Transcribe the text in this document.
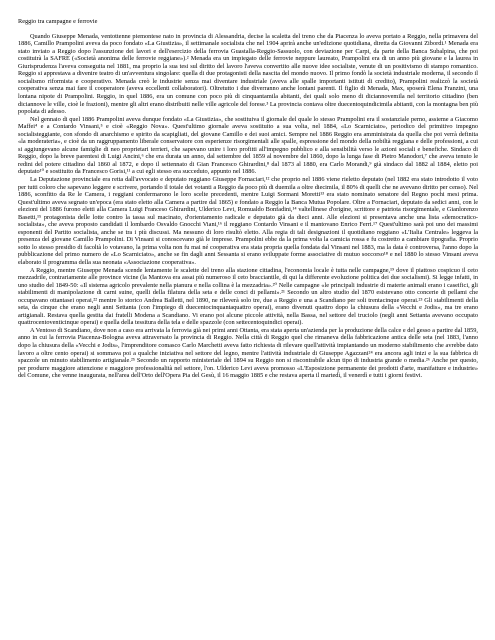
Reggio tra campagne e ferrovie

Quando Giuseppe Menada, ventottenne piemontese nato in provincia di Alessandria, decise la scaletta del treno che da Piacenza lo aveva portato a Reggio, nella primavera del 1886, Camillo Prampolini aveva da poco fondato «La Giustizia», il settimanale socialista che nel 1904 aprirà anche un'edizione quotidiana, diretta da Giovanni Zibordi.¹ Menada era stato inviato a Reggio dopo l'assunzione dei lavori e dell'esercizio della ferrovia Guastalla-Reggio-Sassuolo, con deviazione per Carpi, da parte della Banca Subalpina, che poi costituirà la SAFRE («Società anonima delle ferrovie reggiane»).² Menada era un impiegato delle ferrovie neppure laureato, Prampolini era di un anno più giovane e la laurea in Giurisprudenza l'aveva conseguita nel 1881, ma proprio la sua tesi sul diritto del lavoro l'aveva convertito alle nuove idee socialiste, venute di un positivismo di stampo romantico. Reggio si apprestava a divenire teatro di un'avventura singolare: quella di due protagonisti della nascita del mondo nuovo. Il primo fondò la società industriale moderna, il secondo il socialismo riformista e cooperativo. Menada creò le industrie senza mai diventare industriale (aveva alle spalle importanti istituti di credito), Prampolini realizzò la società cooperativa senza mai fare il cooperatore (aveva eccellenti collaboratori). Oltretutto i due diverranno anche lontani parenti. Il figlio di Menada, Max, sposerà Elena Franzini, una lontana nipote di Prampolini. Reggio, in quel 1886, era un comune con poco più di cinquantamila abitanti, dei quali solo meno di diciannovemila nel territorio cittadino (ben diciannove le ville, cioè le frazioni), mentre gli altri erano distribuiti nelle ville agricole del forese.³ La provincia contava oltre duecentoquindicimila abitanti, con la montagna ben più popolata di adesso.

Nel gennaio di quel 1886 Prampolini aveva dunque fondato «La Giustizia», che sostituiva il giornale del quale lo stesso Prampolini era il sostanziale perno, assieme a Giacomo Maffei⁴ e a Contardo Vinsani,⁵ e cioè «Reggio Nova». Quest'ultimo giornale aveva sostituito a sua volta, nel 1884, «Lo Scarniciato», periodico del primitivo impegno socialisteggiante, con sfondo di anarchismo e spirito da scapigliati, del giovane Camillo e dei suoi amici. Sempre nel 1886 Reggio era amministrata da quella che poi verrà definita «la moderateria», e cioè da un raggruppamento liberale conservatore con esperienze risorgimentali alle spalle, espressione del mondo della nobiltà reggiana e delle professioni, a cui si aggiungevano alcune famiglie di neo proprietari terrieri, che sapevano unire i loro profitti all'impegno pubblico e alla sensibilità verso le azioni sociali e benefiche. Sindaco di Reggio, dopo la breve parentesi di Luigi Ancini,⁶ che era durata un anno, dal settembre del 1859 al novembre del 1860, dopo la lunga fase di Pietro Manodori,⁷ che aveva tenuto le redini del potere cittadino dal 1860 al 1872, e dopo il settennato di Gian Francesco Ghirardini,⁸ dal 1873 al 1880, era Carlo Morandi,⁹ già sindaco dal 1882 al 1884, eletto poi deputato¹⁰ e sostituito da Francesco Gorisi,¹¹ a cui egli stesso era succeduto, appunto nel 1886.

La Deputazione provinciale era retta dall'avvocato e deputato reggiano Giuseppe Fornaciari,¹² che proprio nel 1886 viene rieletto deputato (nel 1882 era stato introdotto il voto per tutti coloro che sapevano leggere e scrivere, portando il totale dei votanti a Reggio da poco più di duemila a oltre diecimila, il 80% di quelli che ne avevano diritto per censo). Nel 1886, sconfitto da Re le Camera, i reggiani confermarono le loro scelte precedenti, mentre Luigi Sormani Moretti¹³ era stato nominato senatore del Regno pochi mesi prima. Quest'ultimo aveva segnato un'epoca (era stato eletto alla Camera a partire dal 1865) e fondato a Reggio la Banca Mutua Popolare. Oltre a Fornaciari, deputato da sedici anni, con le elezioni del 1886 furono eletti alla Camera Luigi Franceso Ghirardini, Ulderico Levi, Romualdo Bonfadini,¹⁴ valtellinese d'origine, scrittore e patriota risorgimentale, e Gianlorenzo Basetti,¹⁵ protagonista delle lotte contro la tassa sul macinato, d'orientamento radicale e deputato già da dieci anni. Alle elezioni si presentava anche una lista «democratico-socialista», che aveva proposto candidati il lombardo Osvaldo Gnocchi Viani,¹⁶ il reggiano Contardo Vinsani e il mantovano Enrico Ferri.¹⁷ Quest'ultimo sarà poi uno dei massimi esponenti del Partito socialista, anche se tra i più discussi. Ma nessuno di loro risultò eletto. Alla regia di tali designazioni il quotidiano reggiano «L'Italia Centrale» leggeva la presenza del giovane Camillo Prampolini. Di Vinsani si conoscevano già le imprese. Prampolini ebbe da la prima volta la camicia rossa e fu costretto a cambiare tipografia. Proprio sotto lo stesso presidio di facoltà lo votavano, la prima volta non fu mai né cooperativa era stata propria quella fondata dal Vinsani nel 1883, ma la data è controversa, l'anno dopo la pubblicazione del primo numero de «Lo Scarniciato», anche se fin dagli anni Sessanta si erano sviluppate forme associative di mutuo soccorso¹⁸ e nel 1880 lo stesso Vinsani aveva elaborato il programma della sua neonata «Associazione cooperativa».

A Reggio, mentre Giuseppe Menada scende lentamente le scalette del treno alla stazione cittadina, l'economia locale è tutta nelle campagne,¹⁹ dove il piattoso cospicuo il ceto mezzadrile, contrariamente alle province vicine (la Mantova era assai più numeroso il ceto bracciantile, di qui la differente evoluzione politica dei due socialismi). Si legge infatti, in uno studio del 1849-50: «Il sistema agricolo prevalente nella pianura e nella collina è la mezzadria».²⁰ Nelle campagne «le principali industrie di materie animali erano i caseifici, gli stabilimenti di manipolazione di carni suine, quelli della filatura della seta e delle conci di pellami».²¹ Secondo un altro studio del 1870 esistevano otto concerie di pellami che occupavano ottantasei operai,²² mentre lo storico Andrea Balletti, nel 1890, ne rileverà solo tre, due a Reggio e una a Scandiano per soli trentacinque operai.²³ Gli stabilimenti della seta, da cinque che erano negli anni Settanta (con l'impiego di duecentocinquantaquattro operai), erano divenuti quattro dopo la chiusura della «Vecchi e Jodis», ma tre erano artigianali. Restava quella gestita dai fratelli Modena a Scandiano. Vi erano poi alcune piccole attività, nella Bassa, nel settore del truciolo (negli anni Settanta avevano occupato quattrocentoventicinque operai) e quella della tessitura della tela e delle spazzole (con settecentoquindici operai).

A Ventoso di Scandiano, dove non a caso era arrivata la ferrovia già nei primi anni Ottanta, era stata aperta un'azienda per la produzione della calce e del gesso a partire dal 1859, anno in cui la ferrovia Piacenza-Bologna aveva attraversato la provincia di Reggio. Nella città di Reggio quel che rimaneva della fabbricazione antica delle seta (nel 1883, l'anno dopo la chiusura della «Vecchi e Jodis», l'imprenditore comasco Carlo Marchetti aveva fatto richiesta di rilevare quell'attività impiantando un moderno stabilimento che avrebbe dato lavoro a oltre cento operai) si sommava poi a qualche iniziativa nel settore del legno, mentre l'attività industriale di Giuseppe Agazzani²⁴ era ancora agli inizi e la sua fabbrica di spazzole un minuto stabilimento artigianale.²⁵ Secondo un rapporto ministeriale del 1894 su Reggio non si riscontrabile alcun tipo di industria grande o media.²⁶ Anche per questo, per produrre maggiore attenzione e maggiore professionalità nel settore, l'on. Ulderico Levi aveva promosso «L'Esposizione permanente dei prodotti d'arte, manifatture e industrie» del Comune, che venne inaugurata, nell'area dell'Orto dell'Opera Pia del Gesù, il 16 maggio 1885 e che restava aperta il martedì, il venerdì e tutti i giorni festivi.
